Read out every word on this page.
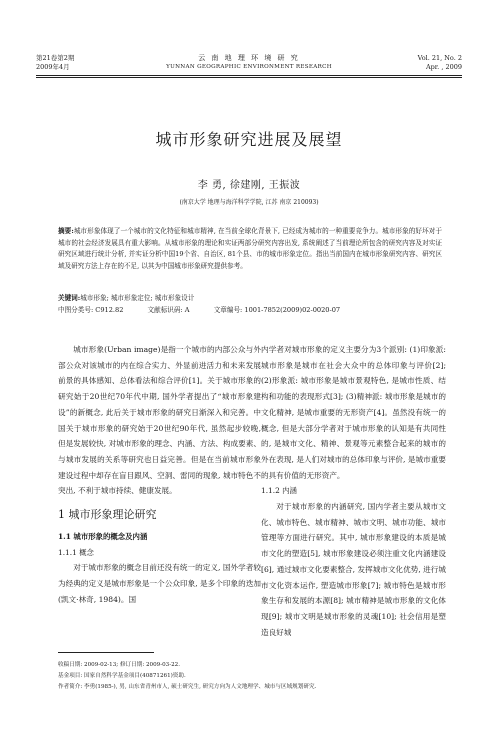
第21卷第2期
2009年4月
云 南 地 理 环 境 研 究
YUNNAN GEOGRAPHIC ENVIRONMENT RESEARCH
Vol. 21, No. 2
Apr. , 2009
城市形象研究进展及展望
李 勇, 徐建刚, 王振波
(南京大学 地理与海洋科学学院, 江苏 南京 210093)
摘要:城市形象体现了一个城市的文化特征和城市精神, 在当前全球化背景下, 已经成为城市的一种重要竞争力。城市形象的好坏对于城市的社会经济发展具有重大影响。从城市形象的理论和实证两部分研究内容出发, 系统阐述了当前理论所包含的研究内容及对实证研究区域进行统计分析, 并实证分析中国19个省、自治区, 81个县、市的城市形象定位。指出当前国内在城市形象研究内容、研究区域及研究方法上存在的不足, 以其为中国城市形象研究提供参考。
关键词:城市形象; 城市形象定位; 城市形象设计
中图分类号: C912.82	文献标识码: A	文章编号: 1001-7852(2009)02-0020-07

城市形象(Urban image)是指一个城市的内部公众与外部公众对该城市的内在综合实力、外显前进活力和未来发展前景的具体感知、总体看法和综合评价[1]。关于城市形象的研究始于20世纪70年代中期, 国外学者提出了“城市形象建设”的新概念, 此后关于城市形象的研究日渐深入和完善。中国关于城市形象的研究始于20世纪90年代, 虽然起步较晚, 但是发展较快, 对城市形象的理念、内涵、方法、构成要素、与城市发展的关系等研究也日益完善。但是在当前城市形象建设过程中却存在盲目跟风、空洞、雷同的现象, 城市特色不突出, 不利于城市持续、健康发展。

1 城市形象理论研究
1.1 城市形象的概念及内涵
1.1.1 概念

对于城市形象的概念目前还没有统一的定义, 国外学者较为经典的定义是城市形象是一个公众印象, 是多个印象的迭加(凯文·林奇, 1984)。国

内学者对城市形象的定义主要分为3个派别: (1)印象派: 城市形象是城市在社会大众中的总体印象与评价[2]; (2)形象派: 城市形象是城市景观特色, 是城市性质、结构和功能的表现形式[3]; (3)精神派: 城市形象是城市的文化精神, 是城市重要的无形资产[4]。虽然没有统一的概念, 但是大部分学者对于城市形象的认知是有共同性的, 是城市文化、精神、景观等元素整合起来的城市的外在表现, 是人们对城市的总体印象与评价, 是城市重要的具有价值的无形资产。

1.1.2 内涵

对于城市形象的内涵研究, 国内学者主要从城市文化、城市特色、城市精神、城市文明、城市功能、城市管理等方面进行研究。其中, 城市形象建设的本质是城市文化的塑造[5], 城市形象建设必须注重文化内涵建设[6], 通过城市文化要素整合, 发挥城市文化优势, 进行城市文化资本运作, 塑造城市形象[7]; 城市特色是城市形象生存和发展的本源[8]; 城市精神是城市形象的文化体现[9]; 城市文明是城市形象的灵魂[10]; 社会信用是塑造良好城

收稿日期: 2009-02-13; 修订日期: 2009-03-22.
基金项目: 国家自然科学基金项目(40871261)资助.
作者简介: 李勇(1985-), 男, 山东省青州市人, 硕士研究生, 研究方向为人文地理学、城市与区域规划研究.
